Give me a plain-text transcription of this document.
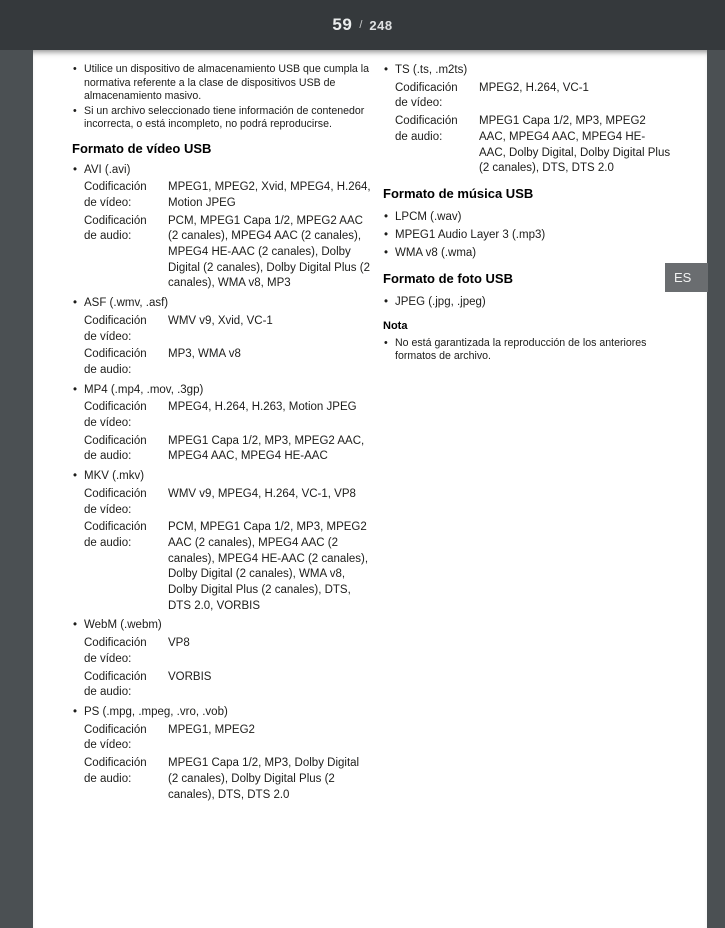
59 / 248
• Utilice un dispositivo de almacenamiento USB que cumpla la normativa referente a la clase de dispositivos USB de almacenamiento masivo.
• Si un archivo seleccionado tiene información de contenedor incorrecta, o está incompleto, no podrá reproducirse.
Formato de vídeo USB
• AVI (.avi)
Codificación de vídeo:
MPEG1, MPEG2, Xvid, MPEG4, H.264, Motion JPEG
Codificación de audio:
PCM, MPEG1 Capa 1/2, MPEG2 AAC (2 canales), MPEG4 AAC (2 canales), MPEG4 HE-AAC (2 canales), Dolby Digital (2 canales), Dolby Digital Plus (2 canales), WMA v8, MP3
• ASF (.wmv, .asf)
Codificación de vídeo:
WMV v9, Xvid, VC-1
Codificación de audio:
MP3, WMA v8
• MP4 (.mp4, .mov, .3gp)
Codificación de vídeo:
MPEG4, H.264, H.263, Motion JPEG
Codificación de audio:
MPEG1 Capa 1/2, MP3, MPEG2 AAC, MPEG4 AAC, MPEG4 HE-AAC
• MKV (.mkv)
Codificación de vídeo:
WMV v9, MPEG4, H.264, VC-1, VP8
Codificación de audio:
PCM, MPEG1 Capa 1/2, MP3, MPEG2 AAC (2 canales), MPEG4 AAC (2 canales), MPEG4 HE-AAC (2 canales), Dolby Digital (2 canales), WMA v8, Dolby Digital Plus (2 canales), DTS, DTS 2.0, VORBIS
• WebM (.webm)
Codificación de vídeo:
VP8
Codificación de audio:
VORBIS
• PS (.mpg, .mpeg, .vro, .vob)
Codificación de vídeo:
MPEG1, MPEG2
Codificación de audio:
MPEG1 Capa 1/2, MP3, Dolby Digital (2 canales), Dolby Digital Plus (2 canales), DTS, DTS 2.0
• TS (.ts, .m2ts)
Codificación de vídeo:
MPEG2, H.264, VC-1
Codificación de audio:
MPEG1 Capa 1/2, MP3, MPEG2 AAC, MPEG4 AAC, MPEG4 HE-AAC, Dolby Digital, Dolby Digital Plus (2 canales), DTS, DTS 2.0
Formato de música USB
• LPCM (.wav)
• MPEG1 Audio Layer 3 (.mp3)
• WMA v8 (.wma)
Formato de foto USB
• JPEG (.jpg, .jpeg)
Nota
• No está garantizada la reproducción de los anteriores formatos de archivo.
ES
